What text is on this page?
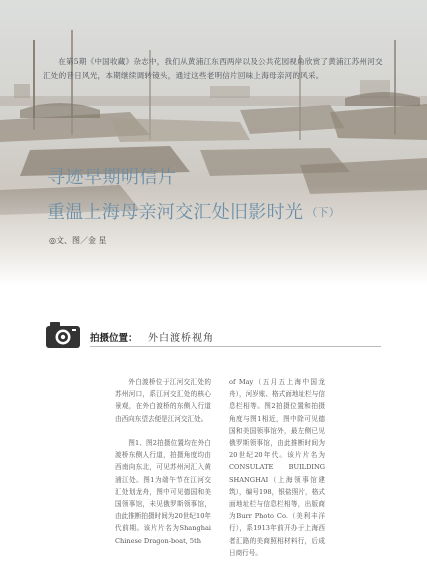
在第5期《中国收藏》杂志中，我们从黄浦江东西两岸以及公共花园视角欣赏了黄浦江苏州河交汇处的昔日风光，本期继续调转镜头，通过这些老明信片回味上海母亲河的风采。
寻迹早期明信片
重温上海母亲河交汇处旧影时光 （下）
◎文、图／金 星
拍摄位置： 外白渡桥视角

外白渡桥位于江河交汇处的苏州河口，系江河交汇处的核心景观，在外白渡桥的东侧入行道由西向东望去便是江河交汇处。

图1、图2拍摄位置均在外白渡桥东侧人行道，拍摄角度均由西南向东北，可见苏州河汇入黄浦江处。图1为端午节在江河交汇处划龙舟，图中可见德国和美国领事馆，未见俄罗斯领事馆，由此推断拍摄时间为20世纪10年代前期。该片片名为Shanghai Chinese Dragon-boat, 5th

of May（五月五上海中国龙舟），河岁账、格式面地址栏与信息栏相等。图2拍摄位置和拍摄角度与图1相近，图中除可见德国和美国领事馆外，最左侧已见俄罗斯领事馆，由此推断时间为20世纪20年代。该片片名为CONSULATE BUILDING SHANGHAI（上海领事馆建筑），编号198，银盐照片，格式面地址栏与信息栏相等，出版商为Burr Photo Co.（美利丰洋行），系1913年前开办于上海西者汇路的美商照相材料行，后成日商行号。
